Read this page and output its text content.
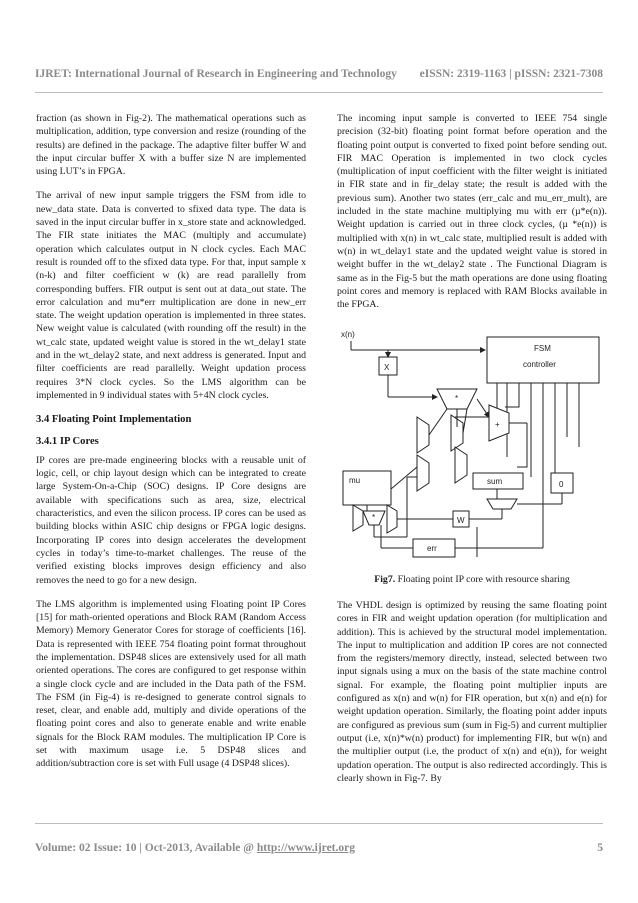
IJRET: International Journal of Research in Engineering and Technology eISSN: 2319-1163 | pISSN: 2321-7308

fraction (as shown in Fig-2). The mathematical operations such as multiplication, addition, type conversion and resize (rounding of the results) are defined in the package. The adaptive filter buffer W and the input circular buffer X with a buffer size N are implemented using LUT’s in FPGA.

The arrival of new input sample triggers the FSM from idle to new_data state. Data is converted to sfixed data type. The data is saved in the input circular buffer in x_store state and acknowledged. The FIR state initiates the MAC (multiply and accumulate) operation which calculates output in N clock cycles. Each MAC result is rounded off to the sfixed data type. For that, input sample x (n-k) and filter coefficient w (k) are read parallelly from corresponding buffers. FIR output is sent out at data_out state. The error calculation and mu*err multiplication are done in new_err state. The weight updation operation is implemented in three states. New weight value is calculated (with rounding off the result) in the wt_calc state, updated weight value is stored in the wt_delay1 state and in the wt_delay2 state, and next address is generated. Input and filter coefficients are read parallelly. Weight updation process requires 3*N clock cycles. So the LMS algorithm can be implemented in 9 individual states with 5+4N clock cycles.

3.4 Floating Point Implementation
3.4.1 IP Cores

IP cores are pre-made engineering blocks with a reusable unit of logic, cell, or chip layout design which can be integrated to create large System-On-a-Chip (SOC) designs. IP Core designs are available with specifications such as area, size, electrical characteristics, and even the silicon process. IP cores can be used as building blocks within ASIC chip designs or FPGA logic designs. Incorporating IP cores into design accelerates the development cycles in today’s time-to-market challenges. The reuse of the verified existing blocks improves design efficiency and also removes the need to go for a new design.

The LMS algorithm is implemented using Floating point IP Cores [15] for math-oriented operations and Block RAM (Random Access Memory) Memory Generator Cores for storage of coefficients [16]. Data is represented with IEEE 754 floating point format throughout the implementation. DSP48 slices are extensively used for all math oriented operations. The cores are configured to get response within a single clock cycle and are included in the Data path of the FSM. The FSM (in Fig-4) is re-designed to generate control signals to reset, clear, and enable add, multiply and divide operations of the floating point cores and also to generate enable and write enable signals for the Block RAM modules. The multiplication IP Core is set with maximum usage i.e. 5 DSP48 slices and addition/subtraction core is set with Full usage (4 DSP48 slices).

The incoming input sample is converted to IEEE 754 single precision (32-bit) floating point format before operation and the floating point output is converted to fixed point before sending out. FIR MAC Operation is implemented in two clock cycles (multiplication of input coefficient with the filter weight is initiated in FIR state and in fir_delay state; the result is added with the previous sum). Another two states (err_calc and mu_err_mult), are included in the state machine multiplying mu with err (µ*e(n)). Weight updation is carried out in three clock cycles, (µ *e(n)) is multiplied with x(n) in wt_calc state, multiplied result is added with w(n) in wt_delay1 state and the updated weight value is stored in weight buffer in the wt_delay2 state . The Functional Diagram is same as in the Fig-5 but the math operations are done using floating point cores and memory is replaced with RAM Blocks available in the FPGA.

x(n)
X
FSM
controller
*
+
mu	sum	0
W
*
err
Fig7. Floating point IP core with resource sharing

The VHDL design is optimized by reusing the same floating point cores in FIR and weight updation operation (for multiplication and addition). This is achieved by the structural model implementation. The input to multiplication and addition IP cores are not connected from the registers/memory directly, instead, selected between two input signals using a mux on the basis of the state machine control signal. For example, the floating point multiplier inputs are configured as x(n) and w(n) for FIR operation, but x(n) and e(n) for weight updation operation. Similarly, the floating point adder inputs are configured as previous sum (sum in Fig-5) and current multiplier output (i.e, x(n)*w(n) product) for implementing FIR, but w(n) and the multiplier output (i.e, the product of x(n) and e(n)), for weight updation operation. The output is also redirected accordingly. This is clearly shown in Fig-7. By

Volume: 02 Issue: 10 | Oct-2013, Available @ http://www.ijret.org	5
